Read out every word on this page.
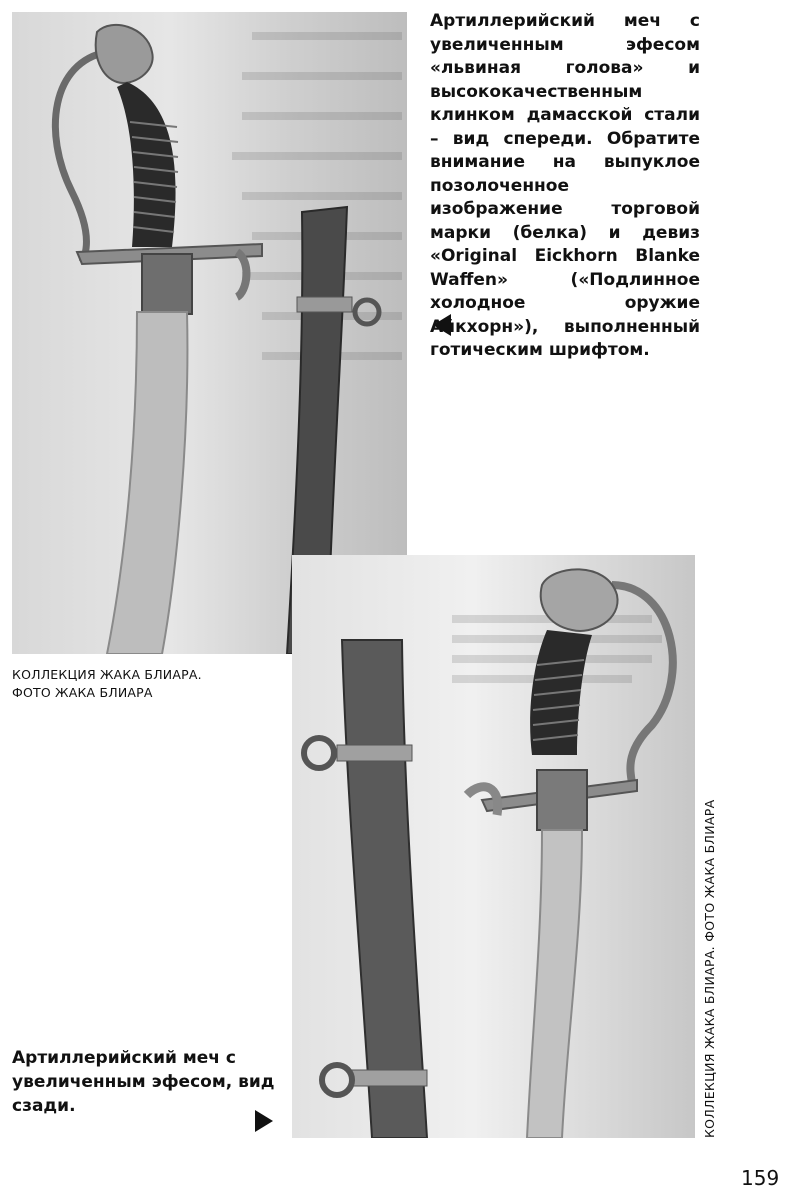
Артиллерийский меч с увеличенным эфесом «львиная голова» и высококачественным клинком дамасской стали – вид спереди. Обратите внимание на выпуклое позолоченное изображение торговой марки (белка) и девиз «Original Eickhorn Blanke Waffen» («Подлинное холодное оружие Айкхорн»), выполненный готическим шрифтом.
КОЛЛЕКЦИЯ ЖАКА БЛИАРА.
ФОТО ЖАКА БЛИАРА
Артиллерийский меч с увеличенным эфесом, вид сзади.	КОЛЛЕКЦИЯ ЖАКА БЛИАРА. ФОТО ЖАКА БЛИАРА
159
